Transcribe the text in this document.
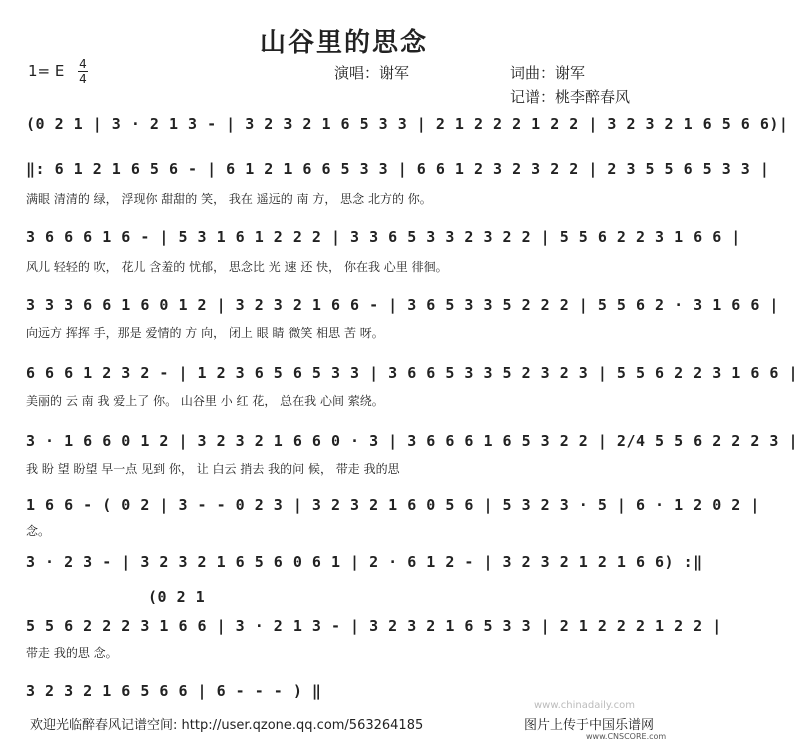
山谷里的思念
1= E 4
4	演唱：谢军	词曲：谢军
记谱：桃李醉春风
(0 2 1 | 3 · 2 1 3 - | 3 2 3 2 1 6 5 3 3 | 2 1 2 2 2 1 2 2 | 3 2 3 2 1 6 5 6 6)|
‖: 6 1 2 1 6 5 6 - | 6 1 2 1 6 6 5 3 3 | 6 6 1 2 3 2 3 2 2 | 2 3 5 5 6 5 3 3 |
满眼 清清的 绿， 浮现你 甜甜的 笑， 我在 遥远的 南 方， 思念 北方的 你。
3 6 6 6 1 6 - | 5 3 1 6 1 2 2 2 | 3 3 6 5 3 3 2 3 2 2 | 5 5 6 2 2 3 1 6 6 |
风儿 轻轻的 吹， 花儿 含羞的 忧郁， 思念比 光 速 还 快， 你在我 心里 徘徊。
3 3 3 6 6 1 6 0 1 2 | 3 2 3 2 1 6 6 - | 3 6 5 3 3 5 2 2 2 | 5 5 6 2 · 3 1 6 6 |
向远方 挥挥 手，那是 爱情的 方 向， 闭上 眼 睛 微笑 相思 苦 呀。
6 6 6 1 2 3 2 - | 1 2 3 6 5 6 5 3 3 | 3 6 6 5 3 3 5 2 3 2 3 | 5 5 6 2 2 3 1 6 6 |
美丽的 云 南 我 爱上了 你。 山谷里 小 红 花， 总在我 心间 萦绕。
3 · 1 6 6 0 1 2 | 3 2 3 2 1 6 6 0 · 3 | 3 6 6 6 1 6 5 3 2 2 | 2/4 5 5 6 2 2 2 3 |
我 盼 望 盼望 早一点 见到 你， 让 白云 捎去 我的问 候， 带走 我的思
1 6 6 - ( 0 2 | 3 - - 0 2 3 | 3 2 3 2 1 6 0 5 6 | 5 3 2 3 · 5 | 6 · 1 2 0 2 |
念。
3 · 2 3 - | 3 2 3 2 1 6 5 6 0 6 1 | 2 · 6 1 2 - | 3 2 3 2 1 2 1 6 6) :‖
(0 2 1
5 5 6 2 2 2 3 1 6 6 | 3 · 2 1 3 - | 3 2 3 2 1 6 5 3 3 | 2 1 2 2 2 1 2 2 |
带走 我的思 念。
3 2 3 2 1 6 5 6 6 | 6 - - - ) ‖
www.chinadaily.com
欢迎光临醉春风记谱空间: http://user.qzone.qq.com/563264185	图片上传于中国乐谱网
www.CNSCORE.com
